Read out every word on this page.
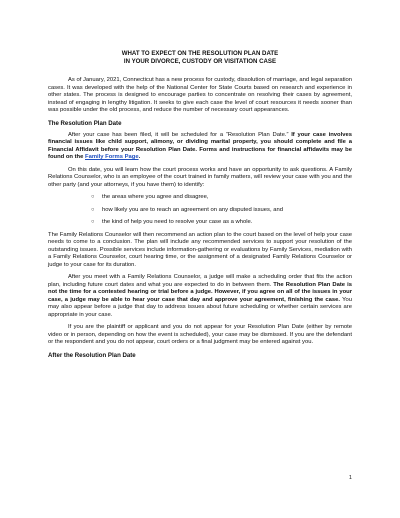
WHAT TO EXPECT ON THE RESOLUTION PLAN DATE
IN YOUR DIVORCE, CUSTODY OR VISITATION CASE

As of January, 2021, Connecticut has a new process for custody, dissolution of marriage, and legal separation cases. It was developed with the help of the National Center for State Courts based on research and experience in other states. The process is designed to encourage parties to concentrate on resolving their cases by agreement, instead of engaging in lengthy litigation. It seeks to give each case the level of court resources it needs sooner than was possible under the old process, and reduce the number of necessary court appearances.

The Resolution Plan Date

After your case has been filed, it will be scheduled for a “Resolution Plan Date.” If your case involves financial issues like child support, alimony, or dividing marital property, you should complete and file a Financial Affidavit before your Resolution Plan Date. Forms and instructions for financial affidavits may be found on the Family Forms Page.

On this date, you will learn how the court process works and have an opportunity to ask questions. A Family Relations Counselor, who is an employee of the court trained in family matters, will review your case with you and the other party (and your attorneys, if you have them) to identify:

○ the areas where you agree and disagree,
○ how likely you are to reach an agreement on any disputed issues, and
○ the kind of help you need to resolve your case as a whole.

The Family Relations Counselor will then recommend an action plan to the court based on the level of help your case needs to come to a conclusion. The plan will include any recommended services to support your resolution of the outstanding issues. Possible services include information-gathering or evaluations by Family Services, mediation with a Family Relations Counselor, court hearing time, or the assignment of a designated Family Relations Counselor or judge to your case for its duration.

After you meet with a Family Relations Counselor, a judge will make a scheduling order that fits the action plan, including future court dates and what you are expected to do in between them. The Resolution Plan Date is not the time for a contested hearing or trial before a judge. However, if you agree on all of the issues in your case, a judge may be able to hear your case that day and approve your agreement, finishing the case. You may also appear before a judge that day to address issues about future scheduling or whether certain services are appropriate in your case.

If you are the plaintiff or applicant and you do not appear for your Resolution Plan Date (either by remote video or in person, depending on how the event is scheduled), your case may be dismissed. If you are the defendant or the respondent and you do not appear, court orders or a final judgment may be entered against you.

After the Resolution Plan Date
1
